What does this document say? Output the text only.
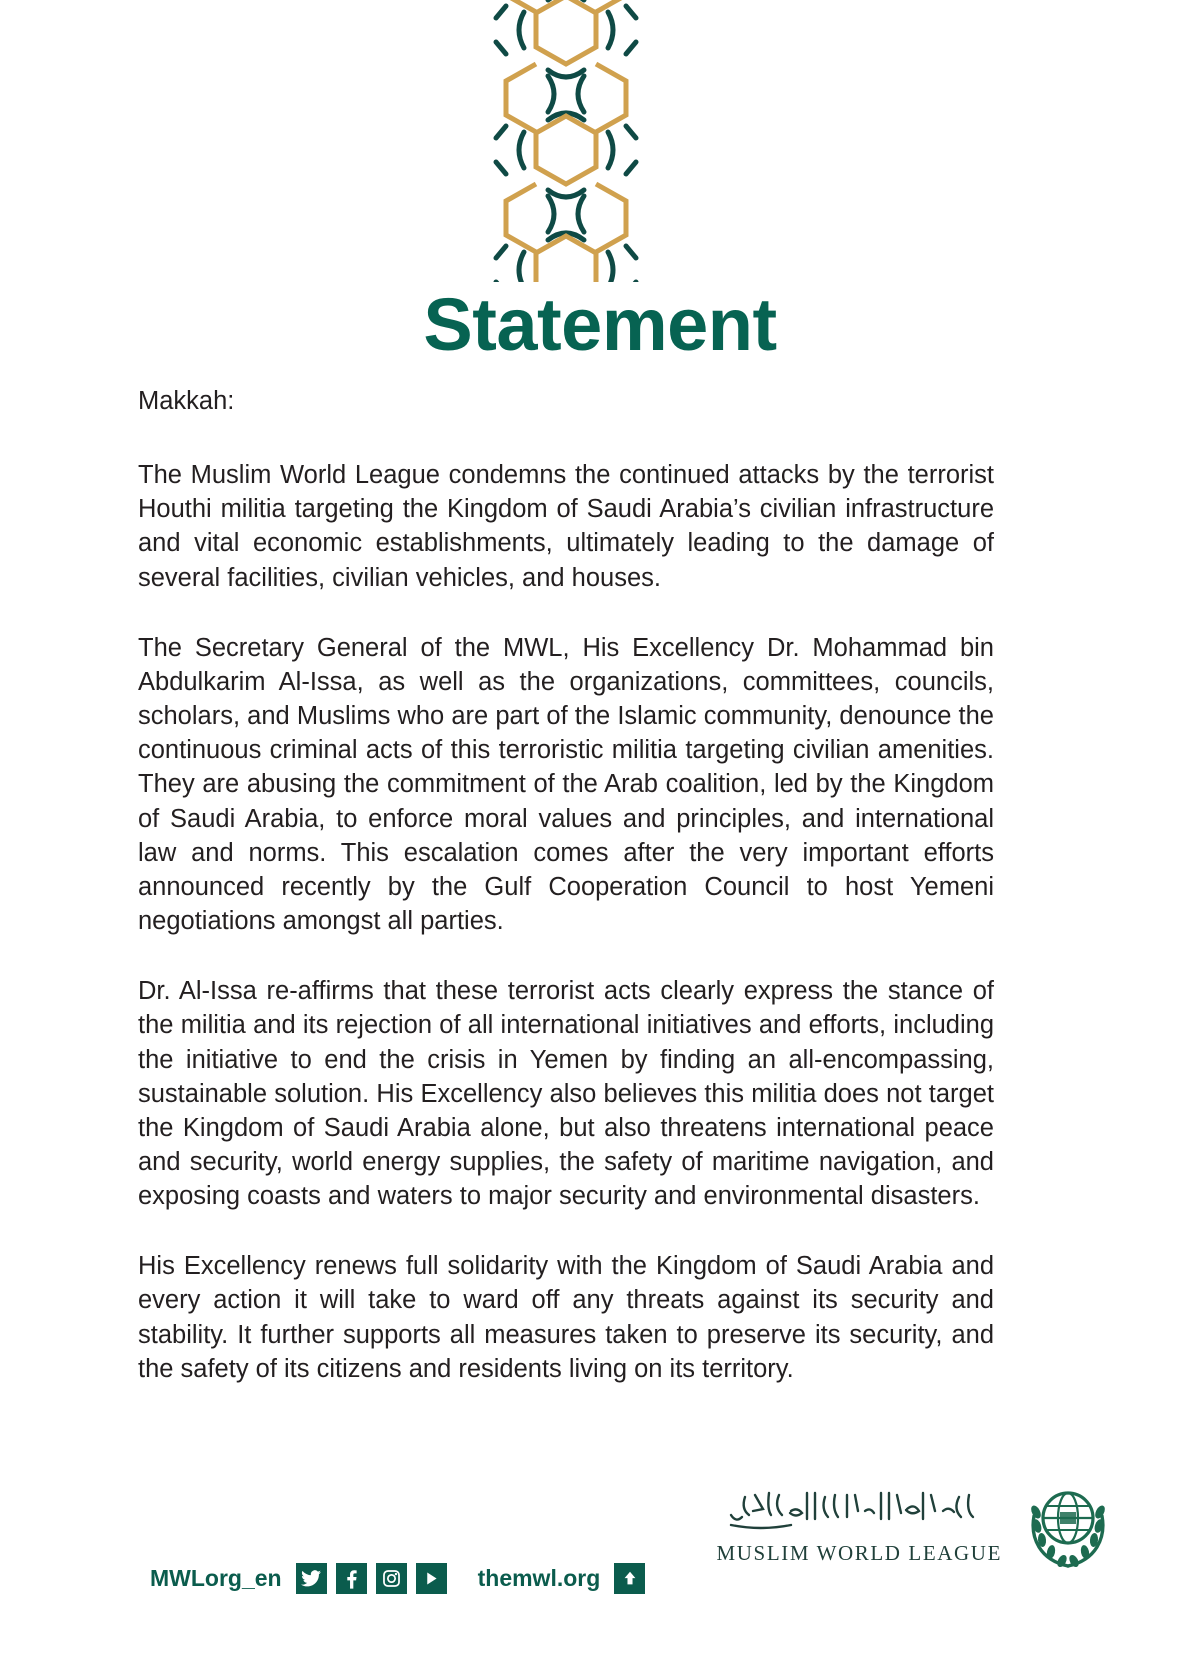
Statement
Makkah:

The Muslim World League condemns the continued attacks by the terrorist Houthi militia targeting the Kingdom of Saudi Arabia’s civilian infrastructure and vital economic establishments, ultimately leading to the damage of several facilities, civilian vehicles, and houses.

The Secretary General of the MWL, His Excellency Dr. Mohammad bin Abdulkarim Al-Issa, as well as the organizations, committees, councils, scholars, and Muslims who are part of the Islamic community, denounce the continuous criminal acts of this terroristic militia targeting civilian amenities. They are abusing the commitment of the Arab coalition, led by the Kingdom of Saudi Arabia, to enforce moral values and principles, and international law and norms. This escalation comes after the very important efforts announced recently by the Gulf Cooperation Council to host Yemeni negotiations amongst all parties.

Dr. Al-Issa re-affirms that these terrorist acts clearly express the stance of the militia and its rejection of all international initiatives and efforts, including the initiative to end the crisis in Yemen by finding an all-encompassing, sustainable solution. His Excellency also believes this militia does not target the Kingdom of Saudi Arabia alone, but also threatens international peace and security, world energy supplies, the safety of maritime navigation, and exposing coasts and waters to major security and environmental disasters.

His Excellency renews full solidarity with the Kingdom of Saudi Arabia and every action it will take to ward off any threats against its security and stability. It further supports all measures taken to preserve its security, and the safety of its citizens and residents living on its territory.

MUSLIM WORLD LEAGUE
MWLorg_en	themwl.org
